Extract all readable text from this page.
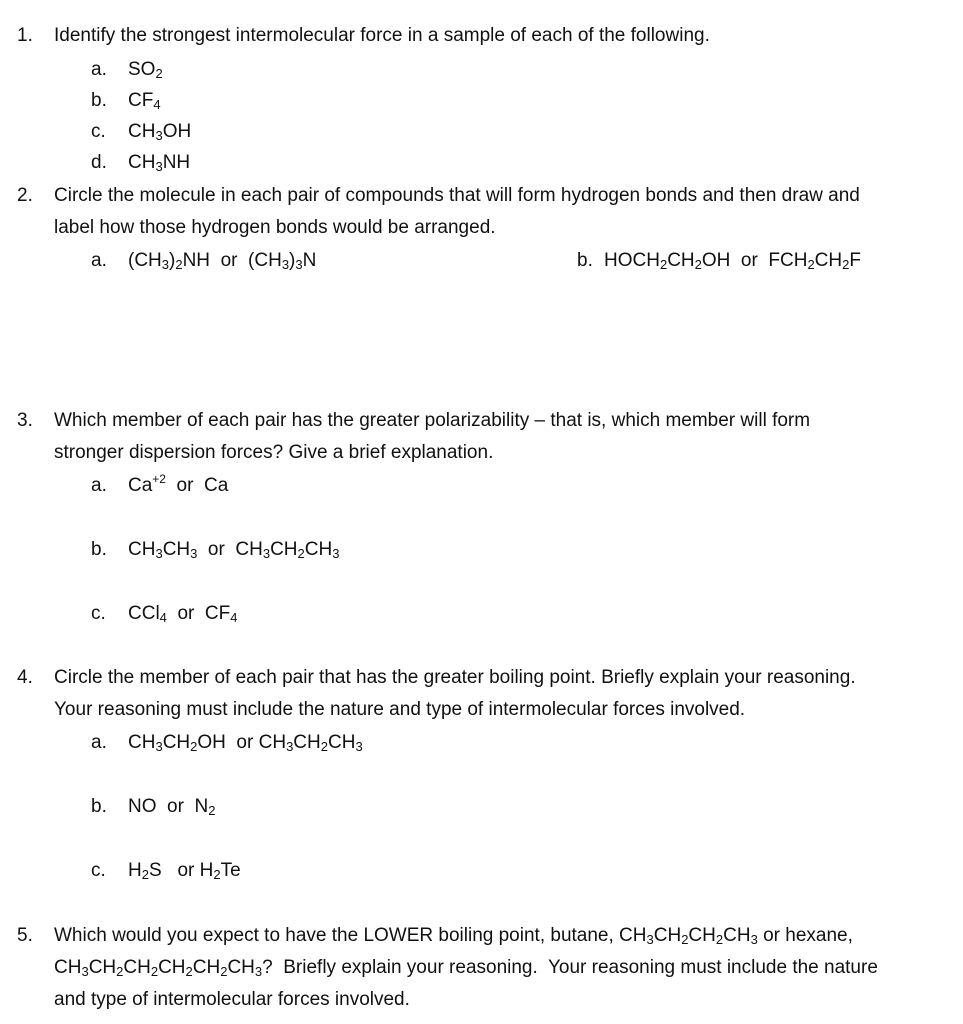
1. Identify the strongest intermolecular force in a sample of each of the following.
a. $SO_2$
b. $CF_4$
c. $CH_3OH$
d. $CH_3NH$
2. Circle the molecule in each pair of compounds that will form hydrogen bonds and then draw and
label how those hydrogen bonds would be arranged.
a. $(CH_3)_2NH$  or  $(CH_3)_3N$	b. $HOCH_2CH_2OH$  or  $FCH_2CH_2F$
3. Which member of each pair has the greater polarizability – that is, which member will form
stronger dispersion forces? Give a brief explanation.
a. $Ca^{+2}$  or  Ca
b. $CH_3CH_3$  or  $CH_3CH_2CH_3$
c. CCl$_4$  or  $CF_4$
4. Circle the member of each pair that has the greater boiling point. Briefly explain your reasoning.
Your reasoning must include the nature and type of intermolecular forces involved.
a. $CH_3CH_2OH$  or $CH_3CH_2CH_3$
b. NO  or  $N_2$
c. $H_2S$   or $H_2Te$
5. Which would you expect to have the LOWER boiling point, butane, $CH_3CH_2CH_2CH_3$ or hexane,
$CH_3CH_2CH_2CH_2CH_2CH_3$?  Briefly explain your reasoning.  Your reasoning must include the nature
and type of intermolecular forces involved.
